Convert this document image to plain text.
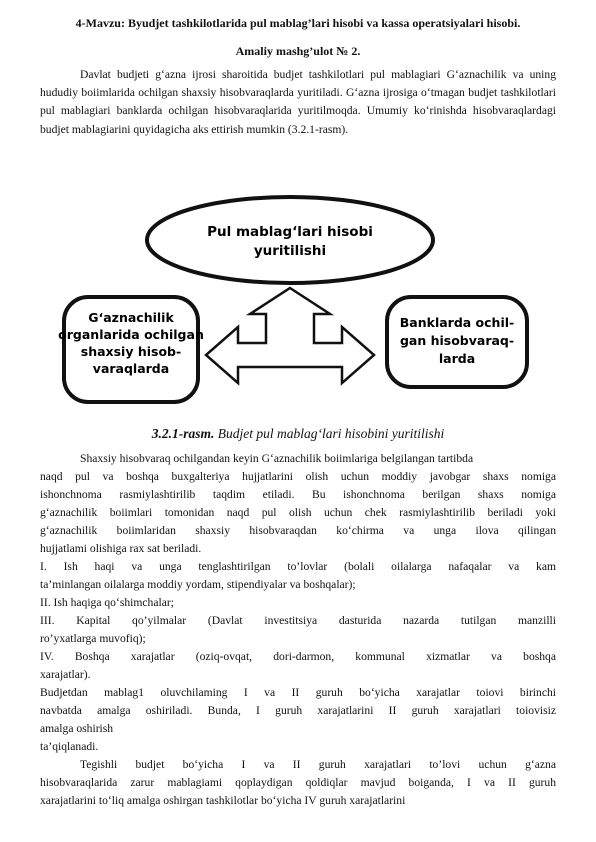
4-Mavzu: Byudjet tashkilotlarida pul mablag’lari hisobi va kassa operatsiyalari hisobi.
Amaliy mashg’ulot № 2.
Davlat budjeti g‘azna ijrosi sharoitida budjet tashkilotlari pul mablagiari G‘aznachilik va uning hududiy boiimlarida ochilgan shaxsiy hisobvaraqlarda yuritiladi. G‘azna ijrosiga o‘tmagan budjet tashkilotlari pul mablagiari banklarda ochilgan hisobvaraqlarida yuritilmoqda. Umumiy ko‘rinishda hisobvaraqlardagi budjet mablagiarini quyidagicha aks ettirish mumkin (3.2.1-rasm).
Pul mablag‘lari hisobi
yuritilishi
G‘aznachilik
organlarida ochilgan
shaxsiy hisob-
varaqlarda
Banklarda ochil-
gan hisobvaraq-
larda
3.2.1-rasm. Budjet pul mablag‘lari hisobini yuritilishi
Shaxsiy hisobvaraq ochilgandan keyin G‘aznachilik boiimlariga belgilangan tartibda
naqd pul va boshqa buxgalteriya hujjatlarini olish uchun moddiy javobgar shaxs nomiga
ishonchnoma rasmiylashtirilib taqdim etiladi. Bu ishonchnoma berilgan shaxs nomiga
g‘aznachilik boiimlari tomonidan naqd pul olish uchun chek rasmiylashtirilib beriladi yoki
g‘aznachilik boiimlaridan shaxsiy hisobvaraqdan ko‘chirma va unga ilova qilingan
hujjatlami olishiga rax sat beriladi.
I. Ish haqi va unga tenglashtirilgan to’lovlar (bolali oilalarga nafaqalar va kam
ta’minlangan oilalarga moddiy yordam, stipendiyalar va boshqalar);
II. Ish haqiga qo‘shimchalar;
III. Kapital qo’yilmalar (Davlat investitsiya dasturida nazarda tutilgan manzilli
ro’yxatlarga muvofiq);
IV. Boshqa xarajatlar (oziq-ovqat, dori-darmon, kommunal xizmatlar va boshqa
xarajatlar).
Budjetdan mablag1 oluvchilaming I va II guruh bo‘yicha xarajatlar toiovi birinchi
navbatda amalga oshiriladi. Bunda, I guruh xarajatlarini II guruh xarajatlari toiovisiz
amalga oshirish
ta’qiqlanadi.
Tegishli budjet bo‘yicha I va II guruh xarajatlari to’lovi uchun g‘azna
hisobvaraqlarida zarur mablagiami qoplaydigan qoldiqlar mavjud boiganda, I va II guruh
xarajatlarini to‘liq amalga oshirgan tashkilotlar bo‘yicha IV guruh xarajatlarini
